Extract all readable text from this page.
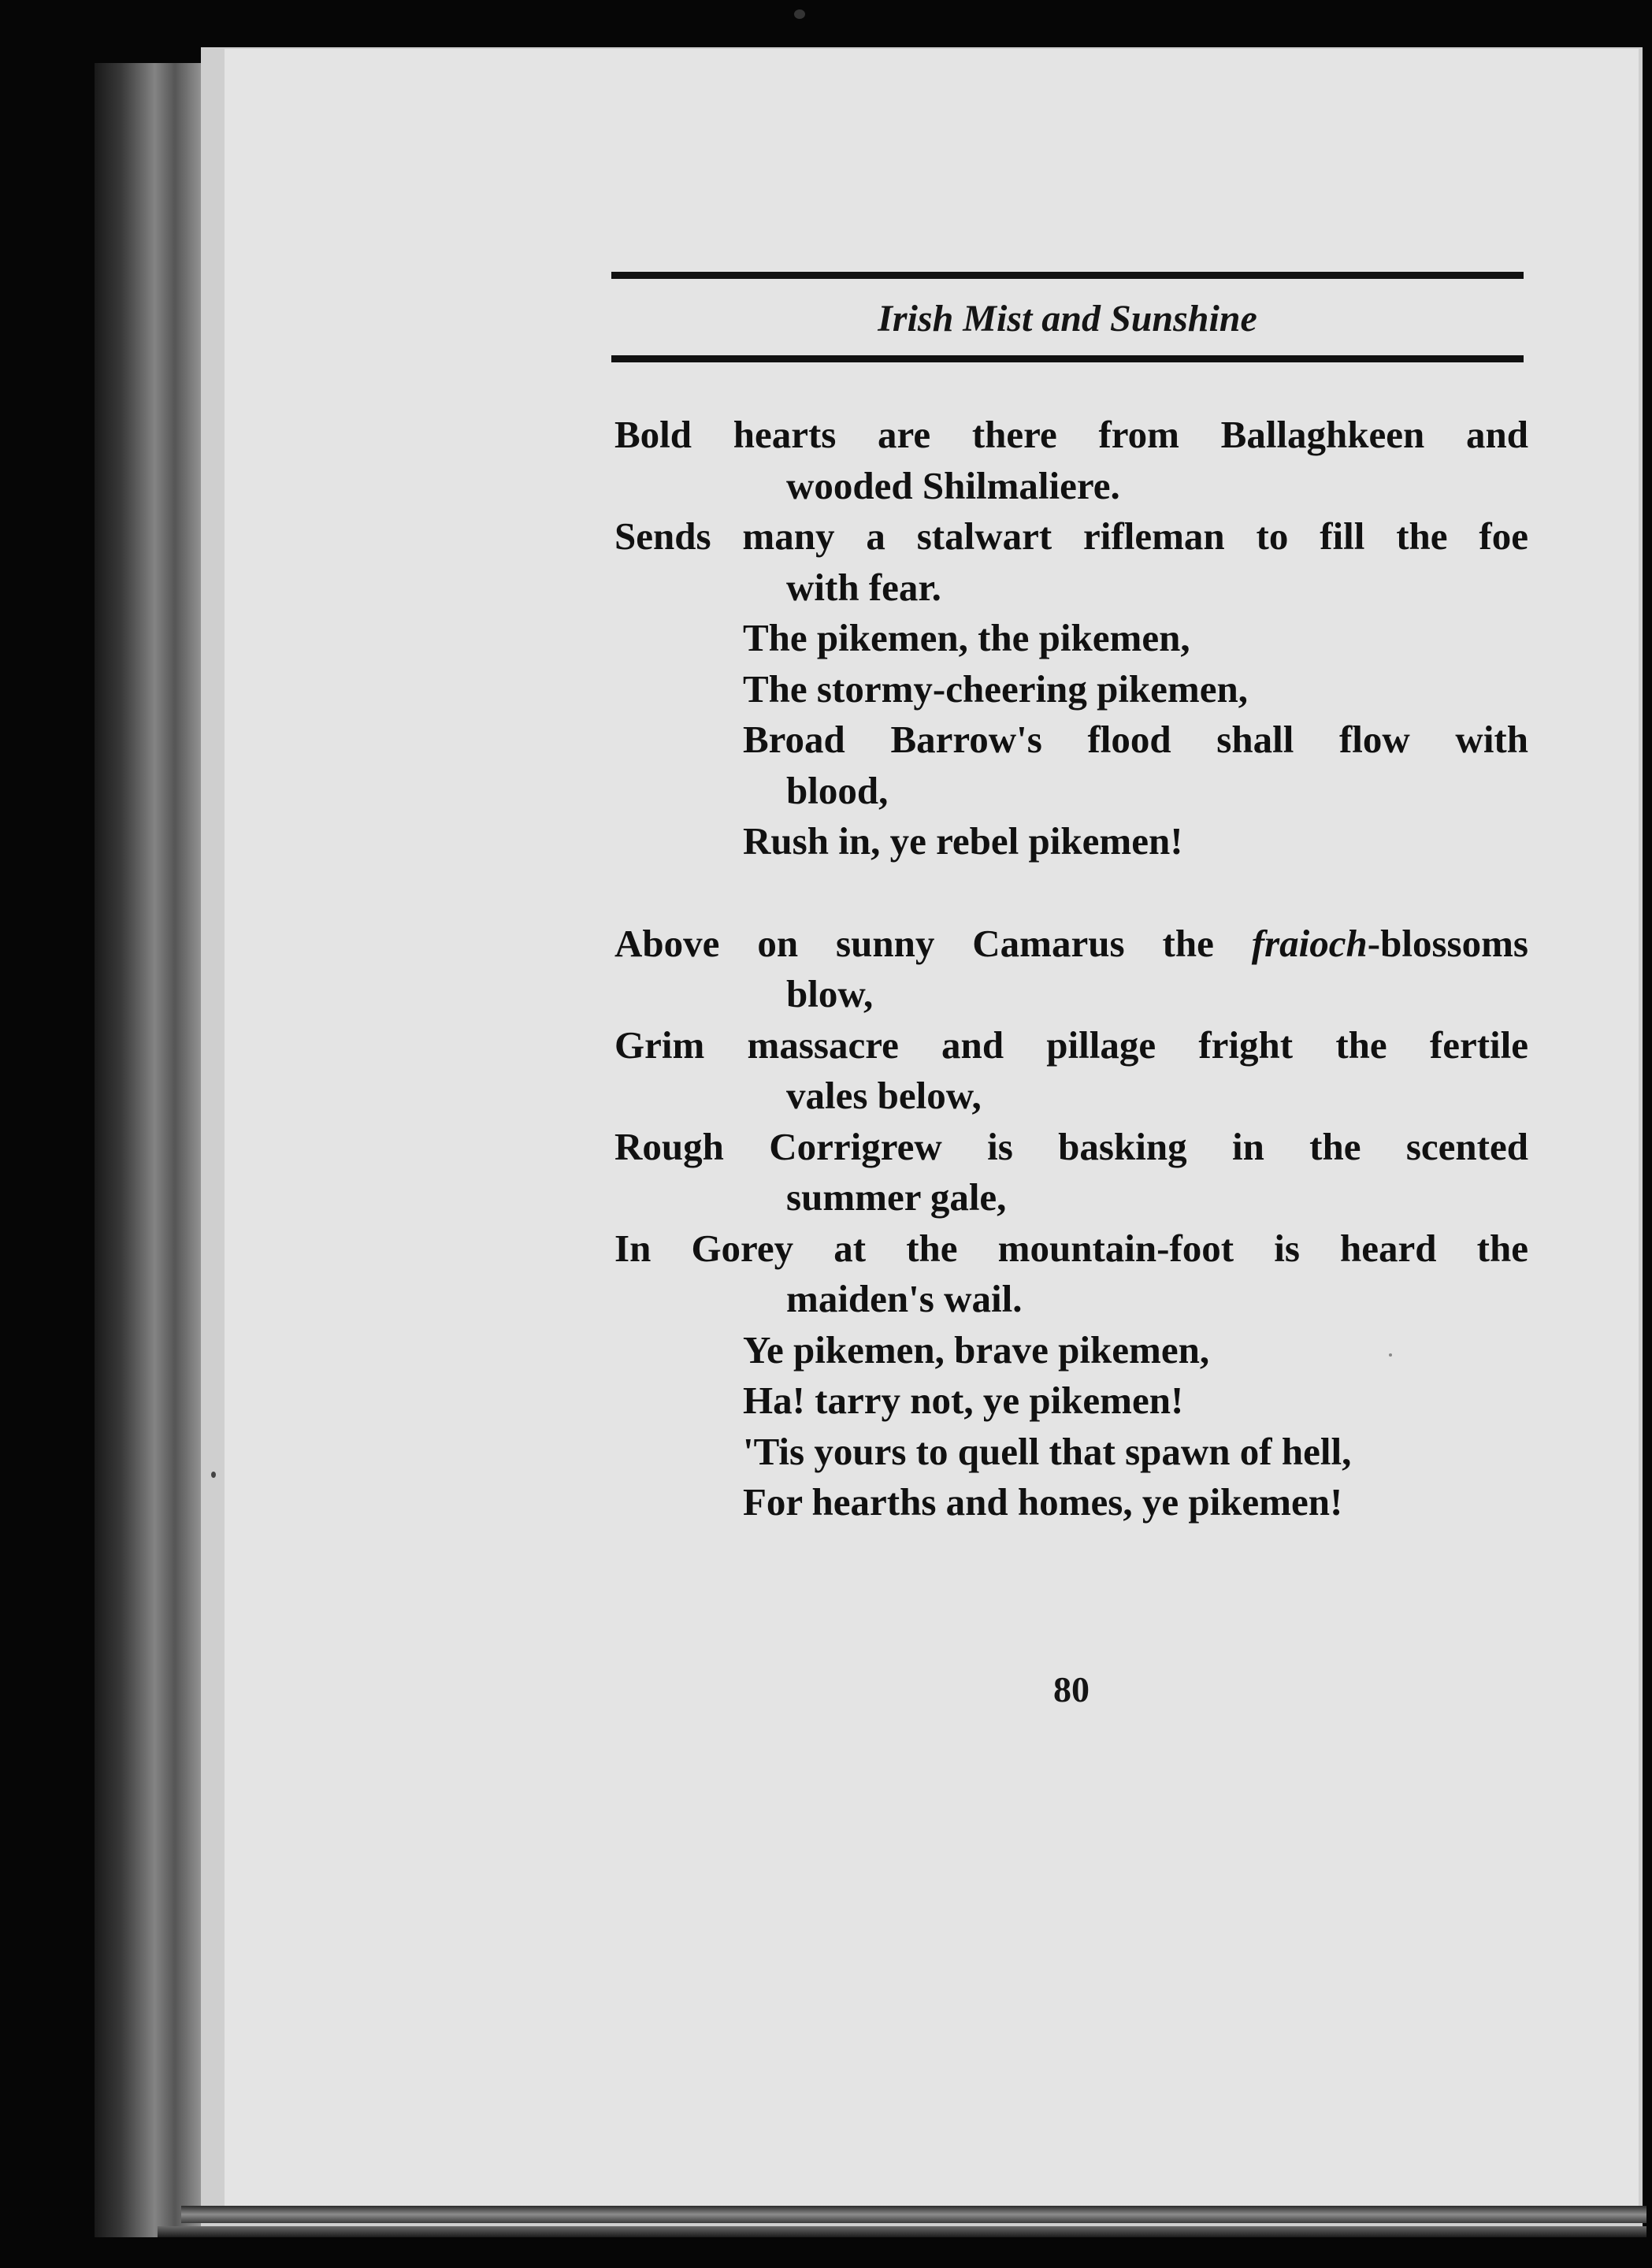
Irish Mist and Sunshine
Bold hearts are there from Ballaghkeen and
wooded Shilmaliere.
Sends many a stalwart rifleman to fill the foe
with fear.
The pikemen, the pikemen,
The stormy-cheering pikemen,
Broad Barrow's flood shall flow with
blood,
Rush in, ye rebel pikemen!
Above on sunny Camarus the fraioch-blossoms
blow,
Grim massacre and pillage fright the fertile
vales below,
Rough Corrigrew is basking in the scented
summer gale,
In Gorey at the mountain-foot is heard the
maiden's wail.
Ye pikemen, brave pikemen,
Ha! tarry not, ye pikemen!
'Tis yours to quell that spawn of hell,
For hearths and homes, ye pikemen!
80
